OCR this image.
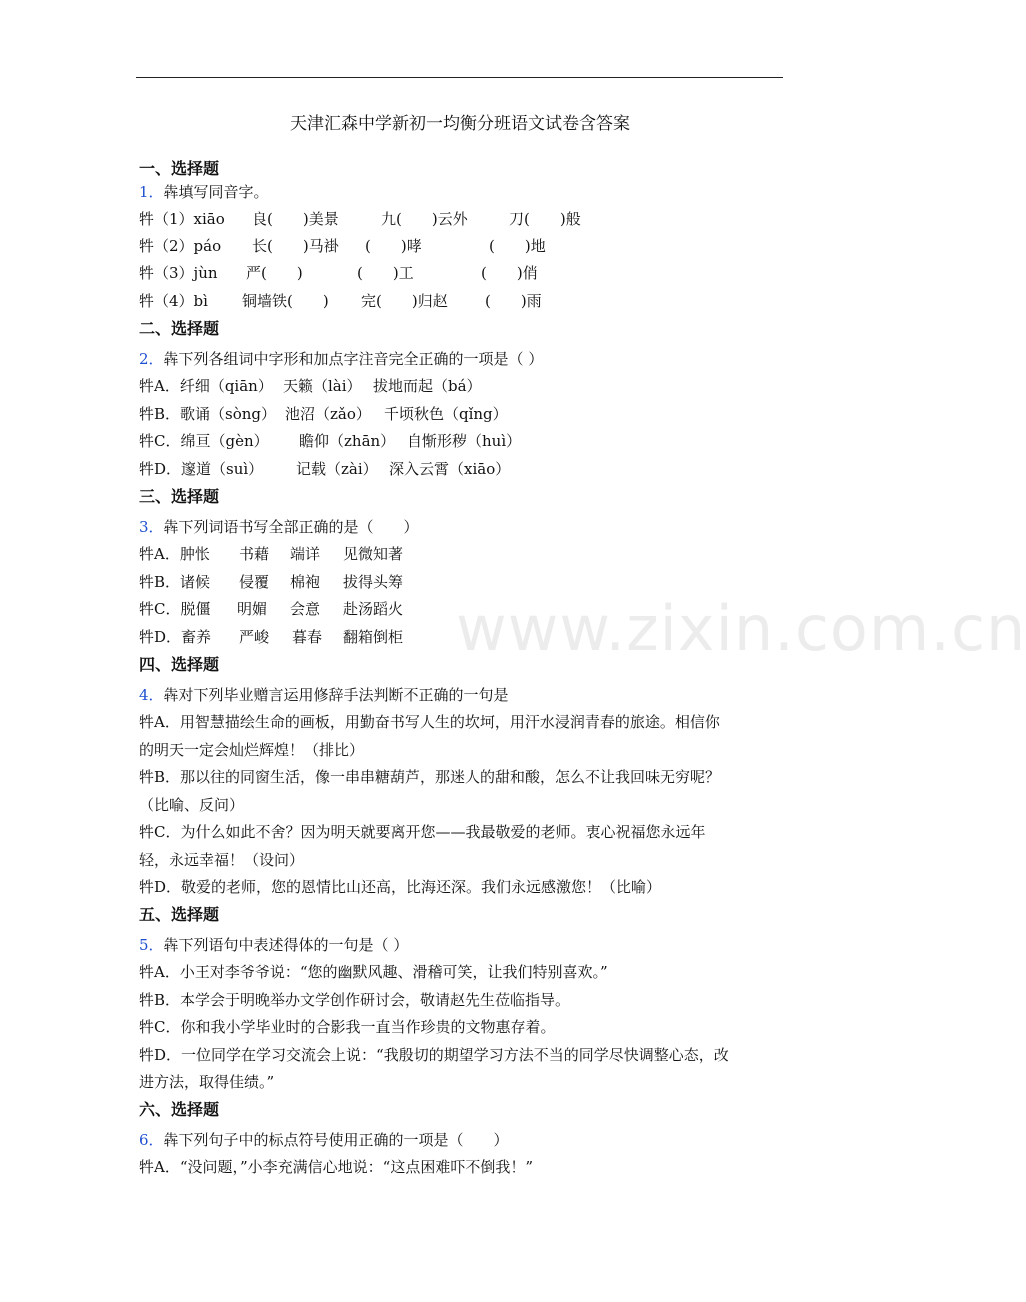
天津汇森中学新初一均衡分班语文试卷含答案
www.zixin.com.cn
一、选择题
1．犇填写同音字。
牪（1）xiāo 良(　　)美景	九(　　)云外	刀(　　)般
牪（2）páo 长(　　)马褂 (　　)哮	(　　)地
牪（3）jùn 严(　　)	(　　)工	(　　)俏
牪（4）bì 铜墙铁(　　) 完(　　)归赵 (　　)雨
二、选择题
2．犇下列各组词中字形和加点字注音完全正确的一项是（ ）
牪A．纤细（qiān） 天籁（lài） 拔地而起（bá）
牪B．歌诵（sòng） 池沼（zǎo） 千顷秋色（qǐng）
牪C．绵亘（gèn） 瞻仰（zhān） 自惭形秽（huì）
牪D．邃道（suì） 记载（zài） 深入云霄（xiāo）
三、选择题
3．犇下列词语书写全部正确的是（　　）
牪A．肿怅 书藉 端详 见微知著
牪B．诸候 侵覆 棉袍 拔得头筹
牪C．脱僵 明媚 会意 赴汤蹈火
牪D．畜养 严峻 暮春 翻箱倒柜
四、选择题
4．犇对下列毕业赠言运用修辞手法判断不正确的一句是
牪A．用智慧描绘生命的画板，用勤奋书写人生的坎坷，用汗水浸润青春的旅途。相信你
的明天一定会灿烂辉煌！（排比）
牪B．那以往的同窗生活，像一串串糖葫芦，那迷人的甜和酸，怎么不让我回味无穷呢？
（比喻、反问）
牪C．为什么如此不舍？因为明天就要离开您——我最敬爱的老师。衷心祝福您永远年
轻，永远幸福！（设问）
牪D．敬爱的老师，您的恩情比山还高，比海还深。我们永远感激您！（比喻）
五、选择题
5．犇下列语句中表述得体的一句是（ ）
牪A．小王对李爷爷说：“您的幽默风趣、滑稽可笑，让我们特别喜欢。”
牪B．本学会于明晚举办文学创作研讨会，敬请赵先生莅临指导。
牪C．你和我小学毕业时的合影我一直当作珍贵的文物惠存着。
牪D．一位同学在学习交流会上说：“我殷切的期望学习方法不当的同学尽快调整心态，改
进方法，取得佳绩。”
六、选择题
6．犇下列句子中的标点符号使用正确的一项是（　　）
牪A．“没问题，”小李充满信心地说：“这点困难吓不倒我！”
